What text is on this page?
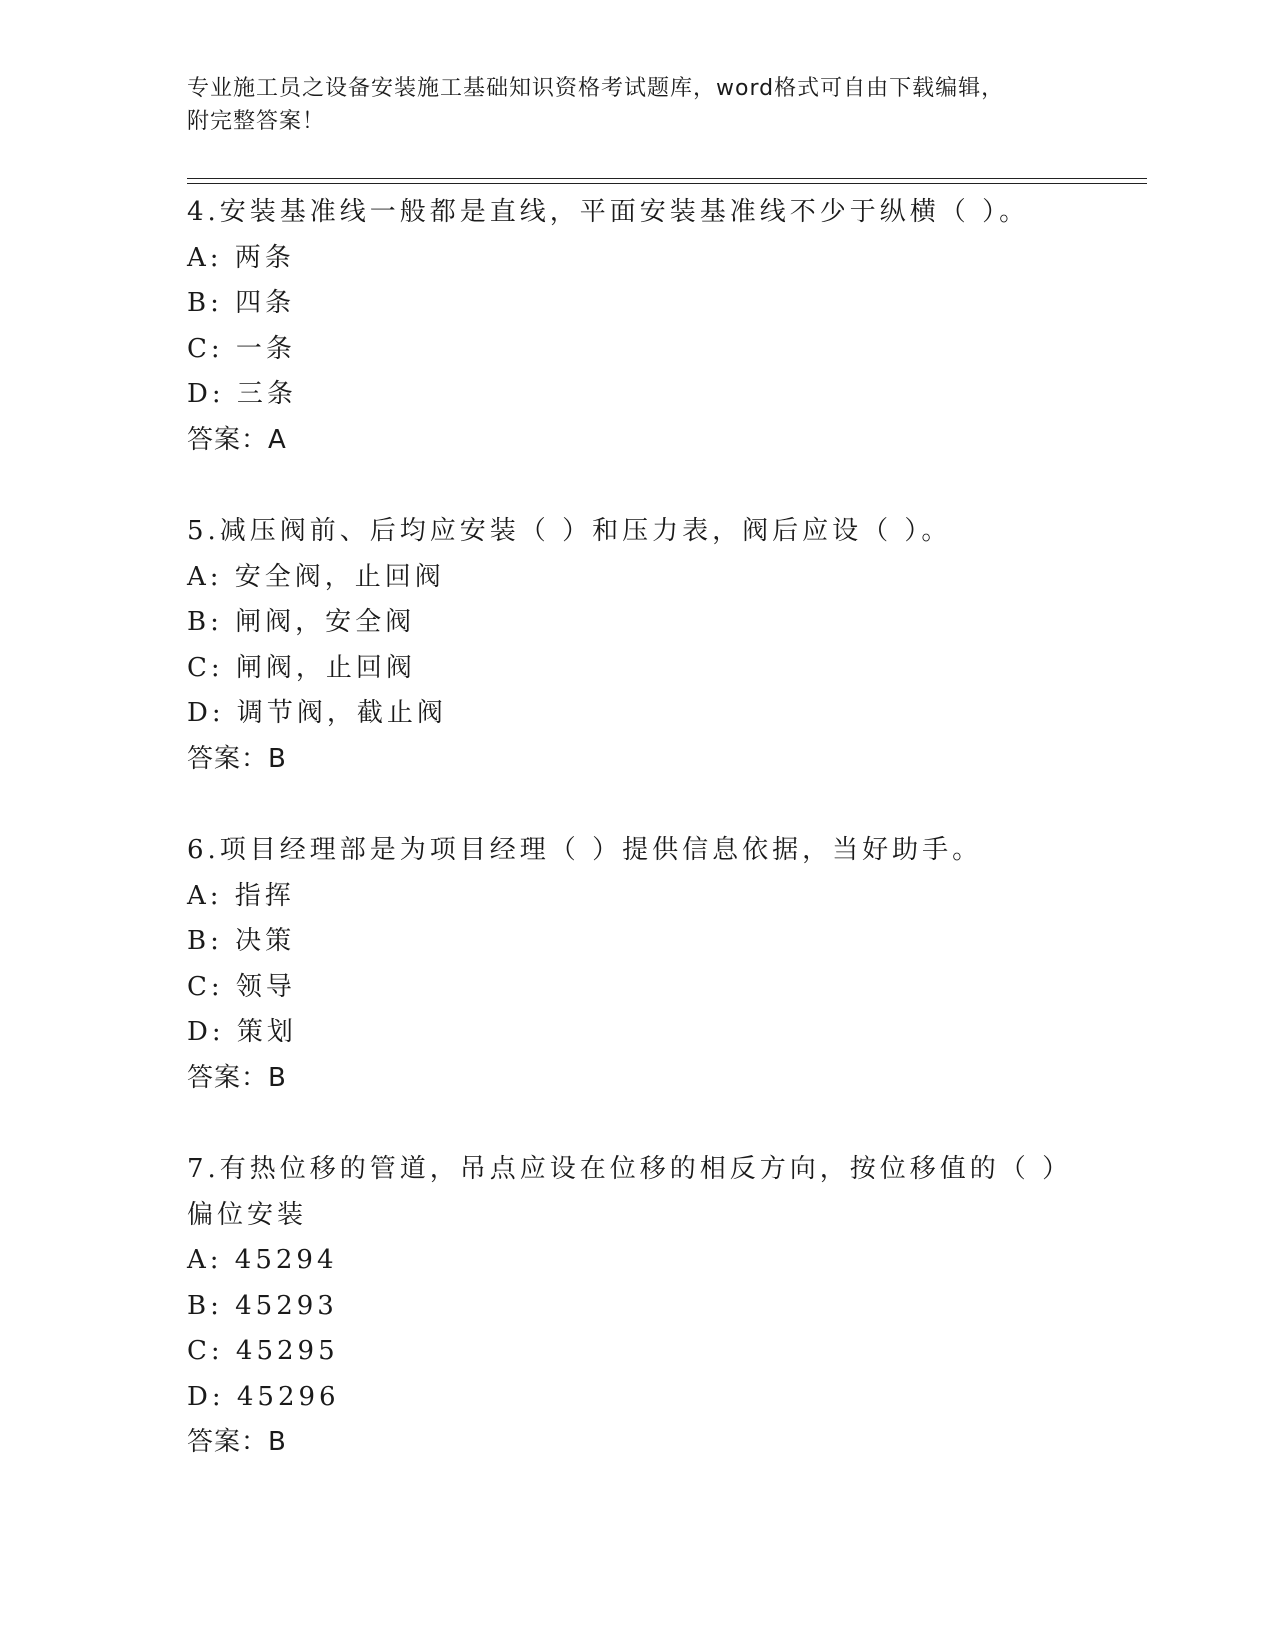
专业施工员之设备安装施工基础知识资格考试题库，word格式可自由下载编辑，
附完整答案！
4.安装基准线一般都是直线，平面安装基准线不少于纵横（ ）。
A: 两条
B: 四条
C: 一条
D: 三条
答案：A
5.减压阀前、后均应安装（ ）和压力表，阀后应设（ ）。
A: 安全阀，止回阀
B: 闸阀，安全阀
C: 闸阀，止回阀
D: 调节阀，截止阀
答案：B
6.项目经理部是为项目经理（ ）提供信息依据，当好助手。
A: 指挥
B: 决策
C: 领导
D: 策划
答案：B
7.有热位移的管道，吊点应设在位移的相反方向，按位移值的（ ）偏位安装
A: 45294
B: 45293
C: 45295
D: 45296
答案：B
